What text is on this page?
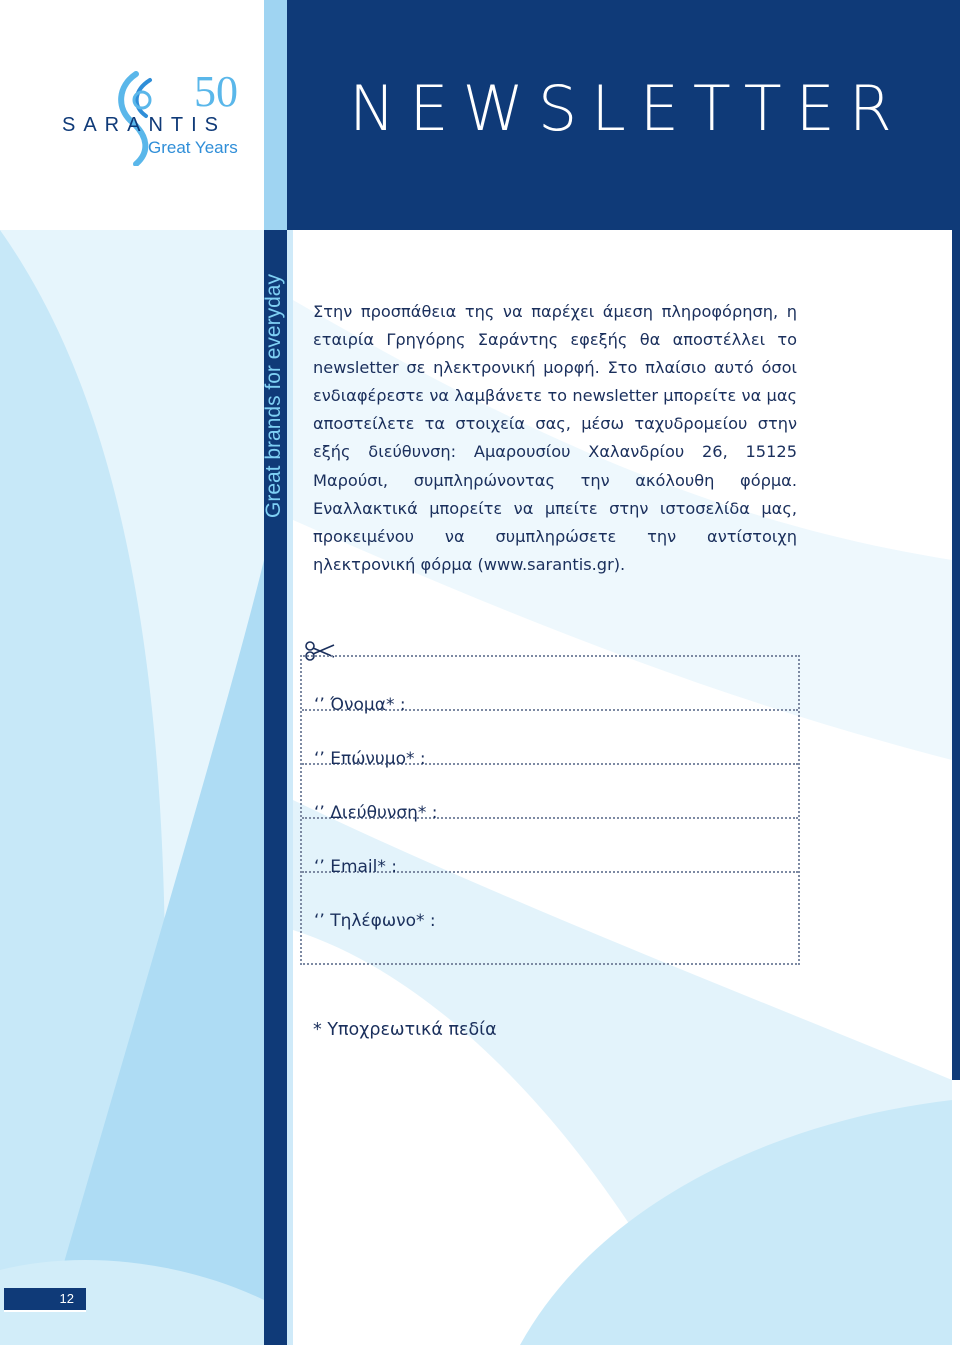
NEWSLETTER
Great brands for everyday
50
SARANTIS
Great Years

Στην προσπάθεια της να παρέχει άμεση πληροφόρηση, η εταιρία Γρηγόρης Σαράντης εφεξής θα αποστέλλει το newsletter σε ηλεκτρονική μορφή. Στο πλαίσιο αυτό όσοι ενδιαφέρεστε να λαμβάνετε το newsletter μπορείτε να μας αποστείλετε τα στοιχεία σας, μέσω ταχυδρομείου στην εξής διεύθυνση: Αμαρουσίου Χαλανδρίου 26, 15125 Μαρούσι, συμπληρώνοντας την ακόλουθη φόρμα. Εναλλακτικά μπορείτε να μπείτε στην ιστοσελίδα μας, προκειμένου να συμπληρώσετε την αντίστοιχη ηλεκτρονική φόρμα (www.sarantis.gr).

‘’ Όνομα* :
‘’ Επώνυμο* :
‘’ Διεύθυνση* :
‘’ Email* :
‘’ Τηλέφωνο* :
* Υποχρεωτικά πεδία
12
